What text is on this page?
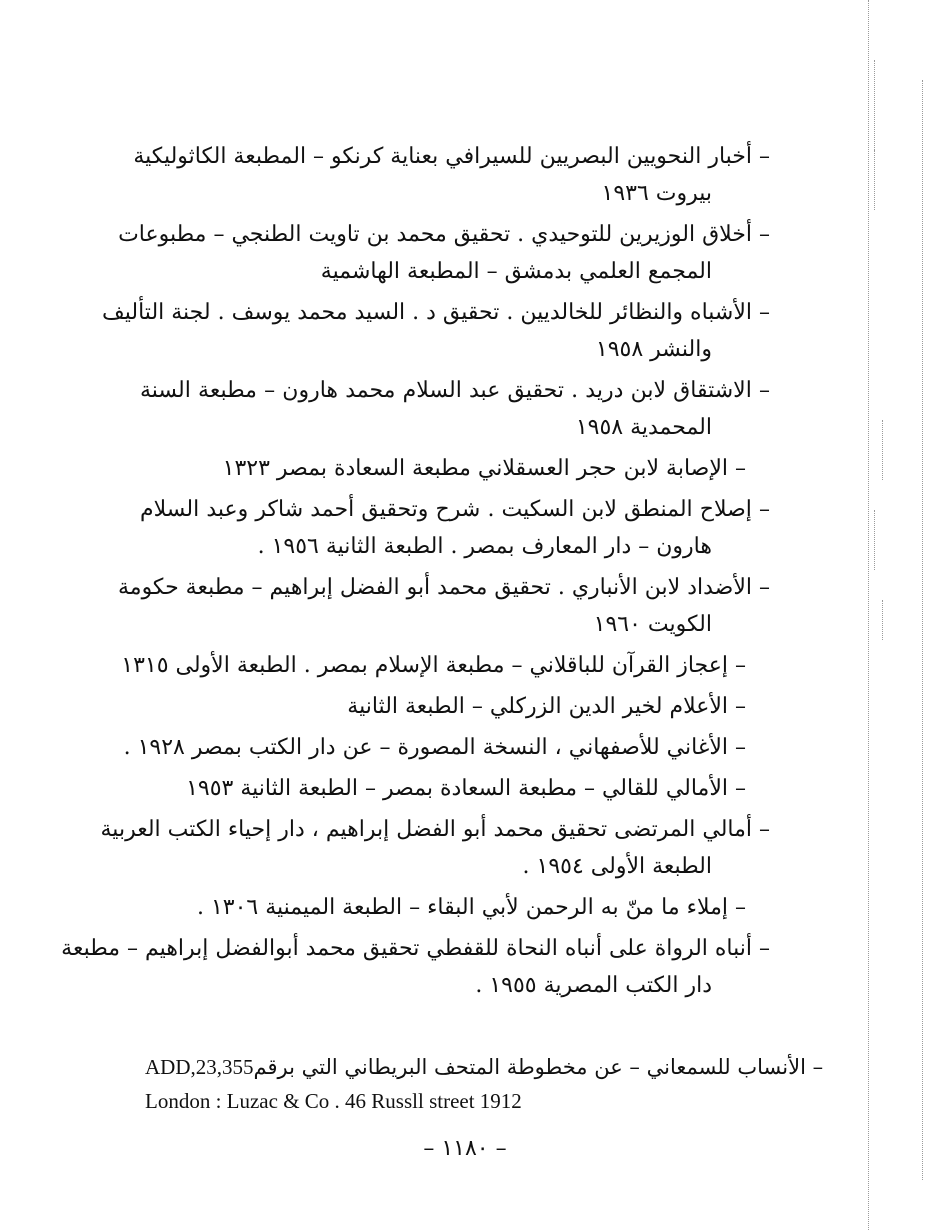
– أخبار النحويين البصريين للسيرافي بعناية كرنكو – المطبعة الكاثوليكية
بيروت ١٩٣٦
– أخلاق الوزيرين للتوحيدي . تحقيق محمد بن تاويت الطنجي – مطبوعات
المجمع العلمي بدمشق – المطبعة الهاشمية
– الأشباه والنظائر للخالديين . تحقيق د . السيد محمد يوسف . لجنة التأليف
والنشر ١٩٥٨
– الاشتقاق لابن دريد . تحقيق عبد السلام محمد هارون – مطبعة السنة
المحمدية ١٩٥٨
– الإصابة لابن حجر العسقلاني مطبعة السعادة بمصر ١٣٢٣
– إصلاح المنطق لابن السكيت . شرح وتحقيق أحمد شاكر وعبد السلام
هارون – دار المعارف بمصر . الطبعة الثانية ١٩٥٦ .
– الأضداد لابن الأنباري . تحقيق محمد أبو الفضل إبراهيم – مطبعة حكومة
الكويت ١٩٦٠
– إعجاز القرآن للباقلاني – مطبعة الإسلام بمصر . الطبعة الأولى ١٣١٥
– الأعلام لخير الدين الزركلي – الطبعة الثانية
– الأغاني للأصفهاني ، النسخة المصورة – عن دار الكتب بمصر ١٩٢٨ .
– الأمالي للقالي – مطبعة السعادة بمصر – الطبعة الثانية ١٩٥٣
– أمالي المرتضى تحقيق محمد أبو الفضل إبراهيم ، دار إحياء الكتب العربية
الطبعة الأولى ١٩٥٤ .
– إملاء ما منّ به الرحمن لأبي البقاء – الطبعة الميمنية ١٣٠٦ .
– أنباه الرواة على أنباه النحاة للقفطي تحقيق محمد أبوالفضل إبراهيم – مطبعة
دار الكتب المصرية ١٩٥٥ .
ADD,23,355 – الأنساب للسمعاني – عن مخطوطة المتحف البريطاني التي برقم
London : Luzac & Co . 46 Russll street 1912
– ١١٨٠ –
